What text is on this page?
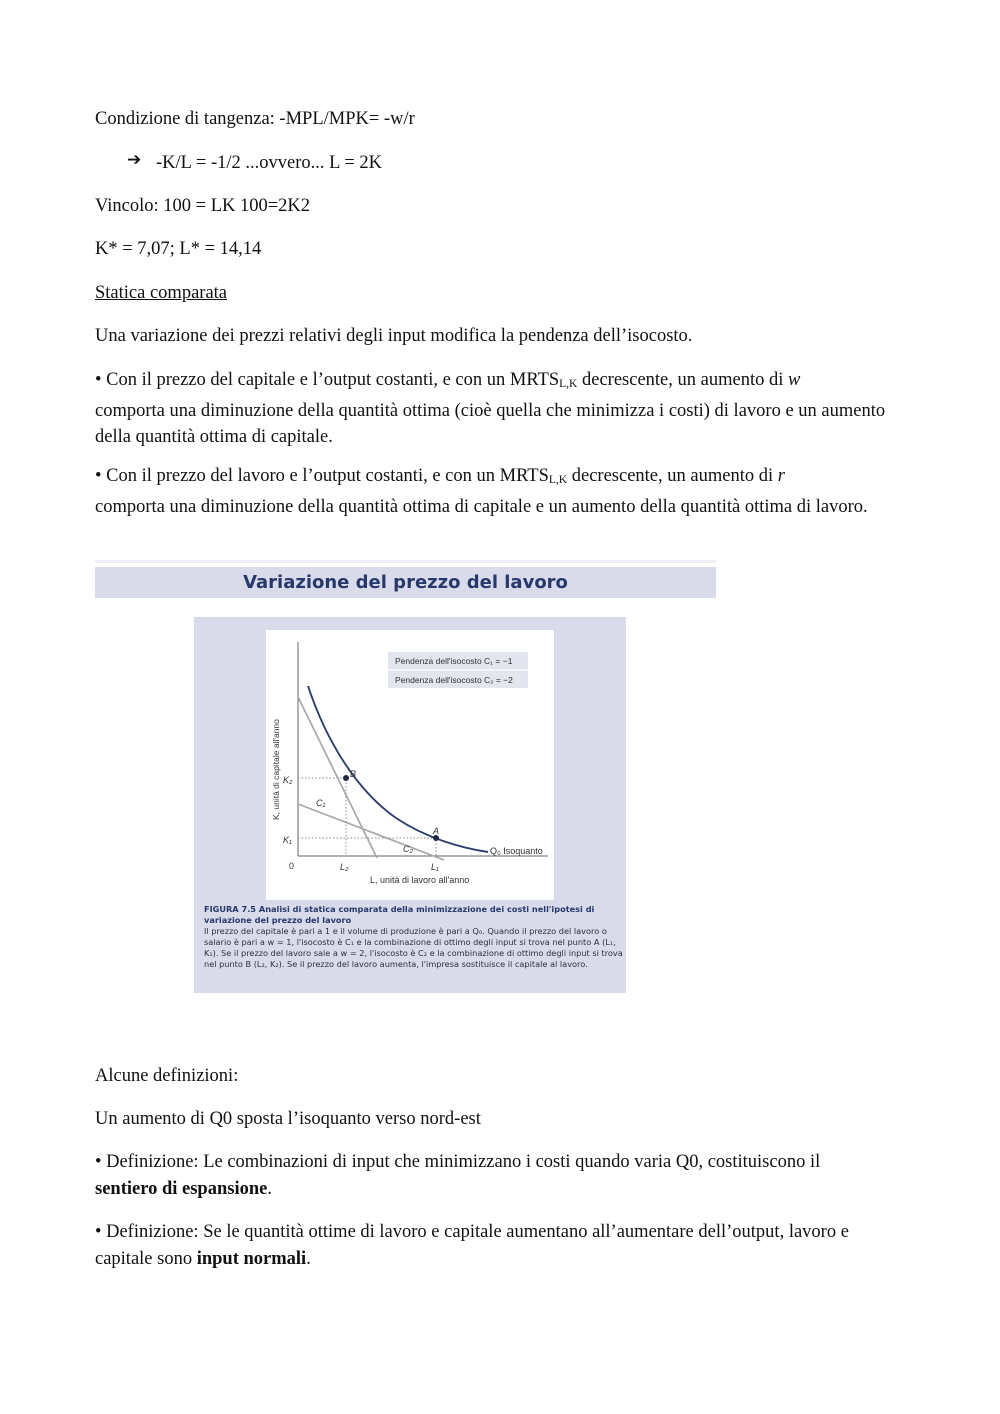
Condizione di tangenza: -MPL/MPK= -w/r

➔ -K/L = -1/2 ...ovvero... L = 2K

Vincolo: 100 = LK 100=2K2

K* = 7,07; L* = 14,14

Statica comparata

Una variazione dei prezzi relativi degli input modifica la pendenza dell’isocosto.

• Con il prezzo del capitale e l’output costanti, e con un $MRTS_{L,K}$ decrescente, un aumento di w
comporta una diminuzione della quantità ottima (cioè quella che minimizza i costi) di lavoro e un aumento della quantità ottima di capitale.

• Con il prezzo del lavoro e l’output costanti, e con un $MRTS_{L,K}$ decrescente, un aumento di r
comporta una diminuzione della quantità ottima di capitale e un aumento della quantità ottima di lavoro.

Variazione del prezzo del lavoro
Pendenza dell'isocosto C₁ = −1
Pendenza dell'isocosto C₂ = −2
B
A
C₁
C₂	Q₀ Isoquanto
K₂
K₁
0	L₂	L₁
L, unità di lavoro all'anno
K, unità di capitale all'anno
FIGURA 7.5 Analisi di statica comparata della minimizzazione dei costi nell'ipotesi di variazione del prezzo del lavoro
Il prezzo del capitale è pari a 1 e il volume di produzione è pari a Q₀. Quando il prezzo del lavoro o salario è pari a w = 1, l'isocosto è C₁ e la combinazione di ottimo degli input si trova nel punto A (L₁, K₁). Se il prezzo del lavoro sale a w = 2, l'isocosto è C₂ e la combinazione di ottimo degli input si trova nel punto B (L₂, K₂). Se il prezzo del lavoro aumenta, l'impresa sostituisce il capitale al lavoro.

Alcune definizioni:

Un aumento di Q0 sposta l’isoquanto verso nord-est

• Definizione: Le combinazioni di input che minimizzano i costi quando varia Q0, costituiscono il
sentiero di espansione.

• Definizione: Se le quantità ottime di lavoro e capitale aumentano all’aumentare dell’output, lavoro e capitale sono input normali.
